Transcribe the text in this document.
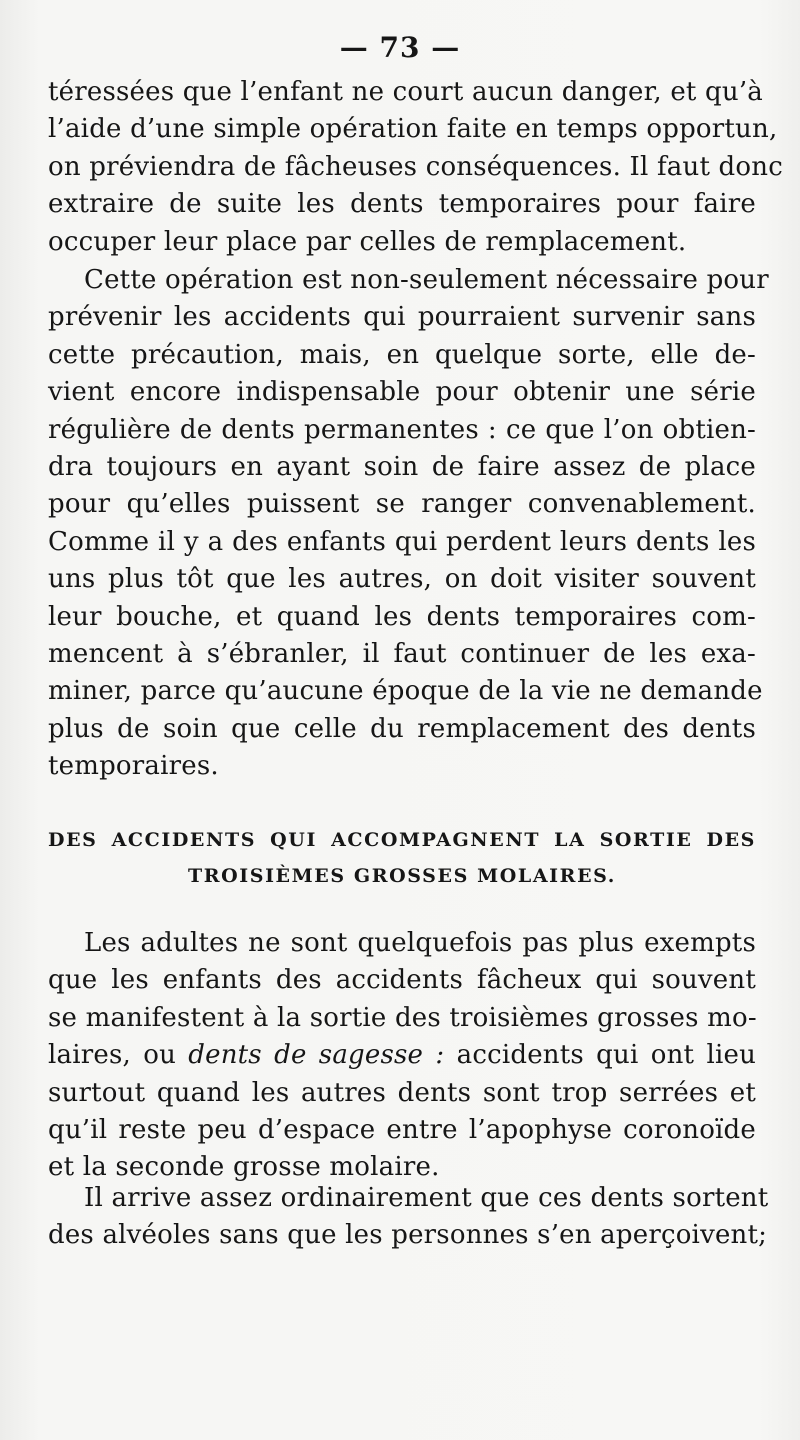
— 73 —
téressées que l’enfant ne court aucun danger, et qu’à
l’aide d’une simple opération faite en temps opportun,
on préviendra de fâcheuses conséquences. Il faut donc
extraire de suite les dents temporaires pour faire
occuper leur place par celles de remplacement.
Cette opération est non-seulement nécessaire pour
prévenir les accidents qui pourraient survenir sans
cette précaution, mais, en quelque sorte, elle de-
vient encore indispensable pour obtenir une série
régulière de dents permanentes : ce que l’on obtien-
dra toujours en ayant soin de faire assez de place
pour qu’elles puissent se ranger convenablement.
Comme il y a des enfants qui perdent leurs dents les
uns plus tôt que les autres, on doit visiter souvent
leur bouche, et quand les dents temporaires com-
mencent à s’ébranler, il faut continuer de les exa-
miner, parce qu’aucune époque de la vie ne demande
plus de soin que celle du remplacement des dents
temporaires.
DES ACCIDENTS QUI ACCOMPAGNENT LA SORTIE DES
TROISIÈMES GROSSES MOLAIRES.
Les adultes ne sont quelquefois pas plus exempts
que les enfants des accidents fâcheux qui souvent
se manifestent à la sortie des troisièmes grosses mo-
laires, ou dents de sagesse : accidents qui ont lieu
surtout quand les autres dents sont trop serrées et
qu’il reste peu d’espace entre l’apophyse coronoïde
et la seconde grosse molaire.
Il arrive assez ordinairement que ces dents sortent
des alvéoles sans que les personnes s’en aperçoivent;
